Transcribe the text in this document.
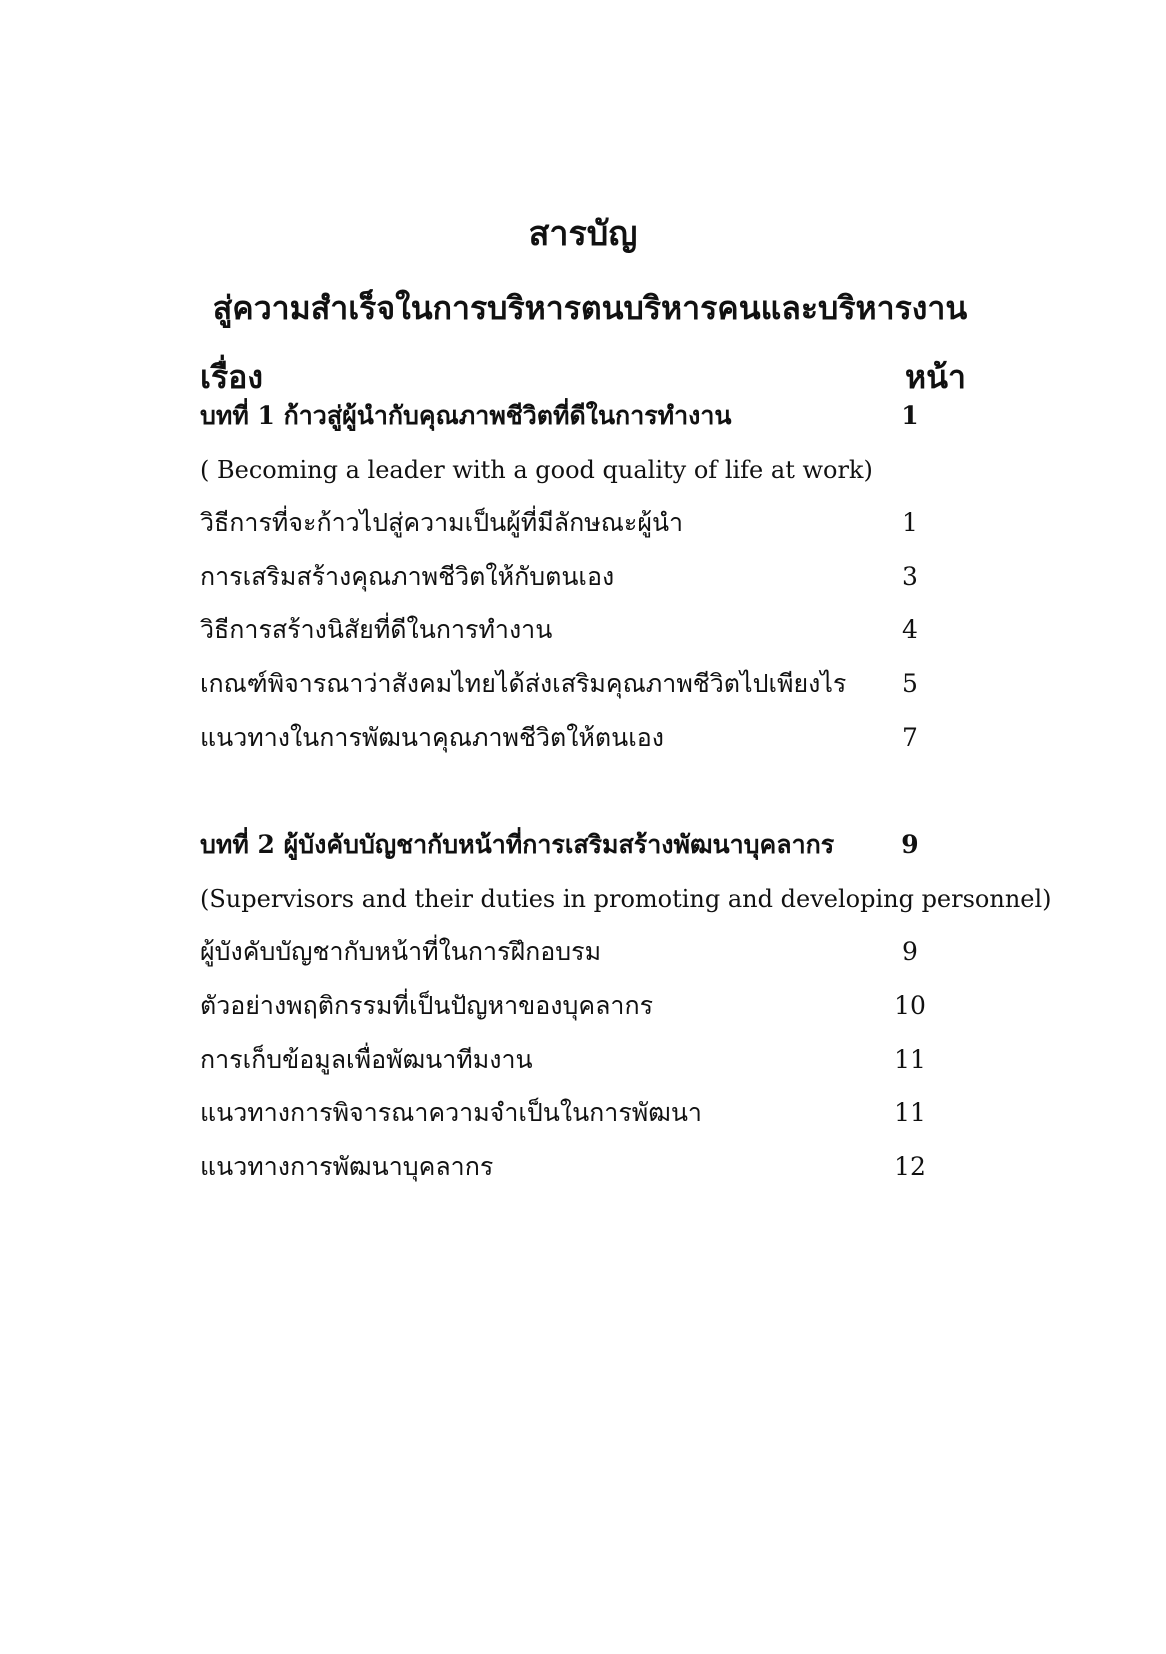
สารบัญ
สู่ความสำเร็จในการบริหารตนบริหารคนและบริหารงาน
เรื่อง	หน้า
บทที่ 1 ก้าวสู่ผู้นำกับคุณภาพชีวิตที่ดีในการทำงาน	1
( Becoming a leader with a good quality of life at work)
วิธีการที่จะก้าวไปสู่ความเป็นผู้ที่มีลักษณะผู้นำ	1
การเสริมสร้างคุณภาพชีวิตให้กับตนเอง	3
วิธีการสร้างนิสัยที่ดีในการทำงาน	4
เกณฑ์พิจารณาว่าสังคมไทยได้ส่งเสริมคุณภาพชีวิตไปเพียงไร	5
แนวทางในการพัฒนาคุณภาพชีวิตให้ตนเอง	7
บทที่ 2 ผู้บังคับบัญชากับหน้าที่การเสริมสร้างพัฒนาบุคลากร	9
(Supervisors and their duties in promoting and developing personnel)
ผู้บังคับบัญชากับหน้าที่ในการฝึกอบรม	9
ตัวอย่างพฤติกรรมที่เป็นปัญหาของบุคลากร	10
การเก็บข้อมูลเพื่อพัฒนาทีมงาน	11
แนวทางการพิจารณาความจำเป็นในการพัฒนา	11
แนวทางการพัฒนาบุคลากร	12
